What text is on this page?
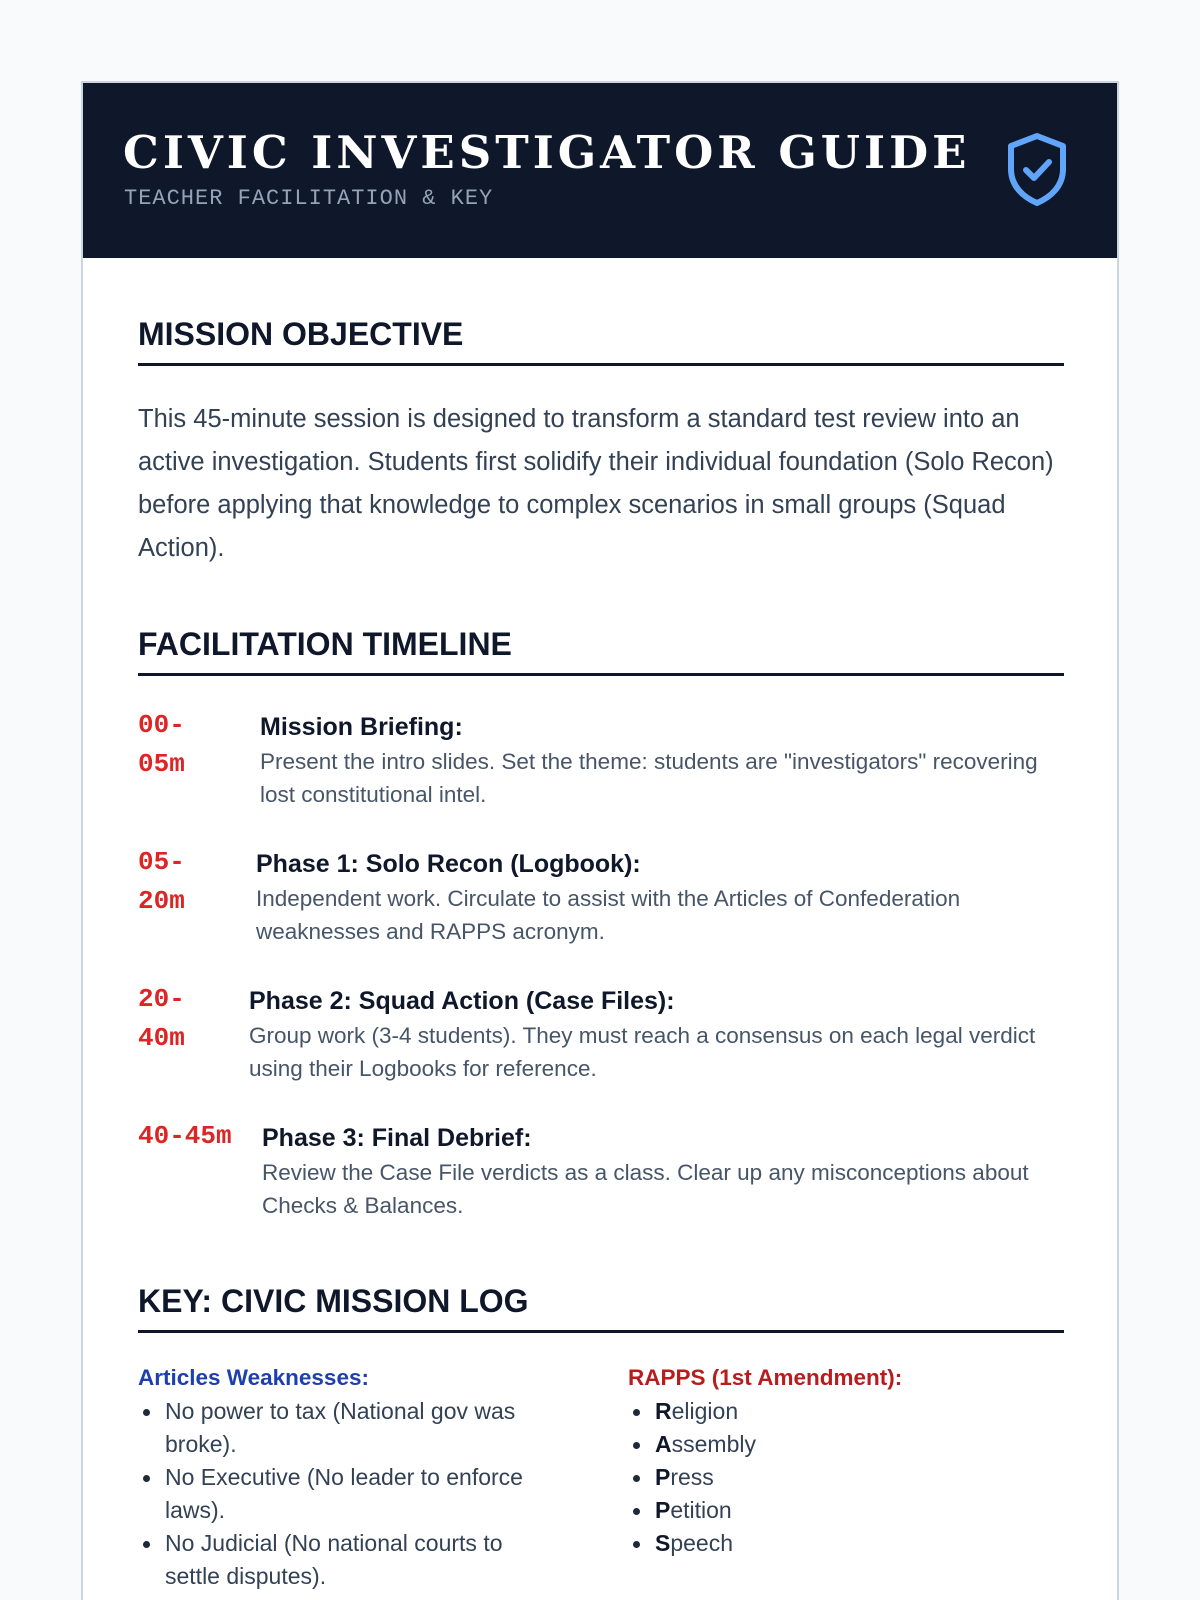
CIVIC INVESTIGATOR GUIDE
TEACHER FACILITATION & KEY
MISSION OBJECTIVE

This 45-minute session is designed to transform a standard test review into an active investigation. Students first solidify their individual foundation (Solo Recon) before applying that knowledge to complex scenarios in small groups (Squad Action).

FACILITATION TIMELINE
00-05m
Mission Briefing:
Present the intro slides. Set the theme: students are "investigators" recovering lost constitutional intel.
05-20m
Phase 1: Solo Recon (Logbook):
Independent work. Circulate to assist with the Articles of Confederation weaknesses and RAPPS acronym.
20-40m
Phase 2: Squad Action (Case Files):
Group work (3-4 students). They must reach a consensus on each legal verdict using their Logbooks for reference.
40-45m	Phase 3: Final Debrief:
Review the Case File verdicts as a class. Clear up any misconceptions about Checks & Balances.
KEY: CIVIC MISSION LOG
Articles Weaknesses:
No power to tax (National gov was broke).
No Executive (No leader to enforce laws).
No Judicial (No national courts to settle disputes).
RAPPS (1st Amendment):
Religion
Assembly
Press
Petition
Speech
